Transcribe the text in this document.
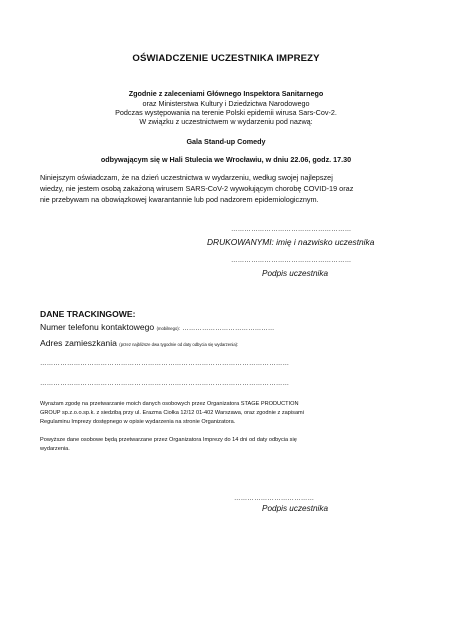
OŚWIADCZENIE UCZESTNIKA IMPREZY
Zgodnie z zaleceniami Głównego Inspektora Sanitarnego
oraz Ministerstwa Kultury i Dziedzictwa Narodowego
Podczas występowania na terenie Polski epidemii wirusa Sars-Cov-2.
W związku z uczestnictwem w wydarzeniu pod nazwą:
Gala Stand-up Comedy
odbywającym się w Hali Stulecia we Wrocławiu, w dniu 22.06, godz. 17.30
Niniejszym oświadczam, że na dzień uczestnictwa w wydarzeniu, według swojej najlepszej
wiedzy, nie jestem osobą zakażoną wirusem SARS-CoV-2 wywołującym chorobę COVID-19 oraz
nie przebywam na obowiązkowej kwarantannie lub pod nadzorem epidemiologicznym.
………………………………………………
DRUKOWANYMI: imię i nazwisko uczestnika
………………………………………………
Podpis uczestnika
DANE TRACKINGOWE:
Numer telefonu kontaktowego (mobilnego): ……………………………………
Adres zamieszkania (przez najbliższe dwa tygodnie od daty odbycia się wydarzenia):
…………………………………………………………………………………………………
…………………………………………………………………………………………………
Wyrażam zgodę na przetwarzanie moich danych osobowych przez Organizatora STAGE PRODUCTION
GROUP sp.z.o.o.sp.k. z siedzibą przy ul. Erazma Ciołka 12/12 01-402 Warszawa, oraz zgodnie z zapisami
Regulaminu Imprezy dostępnego w opisie wydarzenia na stronie Organizatora.
Powyższe dane osobowe będą przetwarzane przez Organizatora Imprezy do 14 dni od daty odbycia się
wydarzenia.
………………………………
Podpis uczestnika
